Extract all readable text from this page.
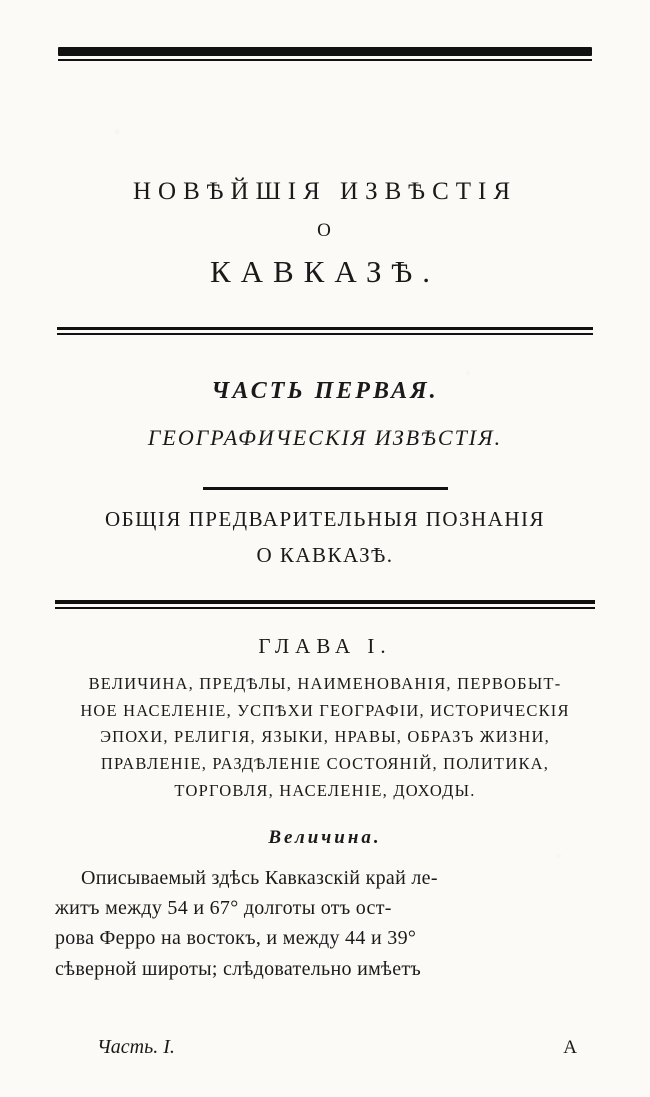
НОВѢЙШІЯ ИЗВѢСТІЯ
О
КАВКАЗѢ.
ЧАСТЬ ПЕРВАЯ.
ГЕОГРАФИЧЕСКІЯ ИЗВѢСТІЯ.
ОБЩІЯ ПРЕДВАРИТЕЛЬНЫЯ ПОЗНАНІЯ
О КАВКАЗѢ.
ГЛАВА I.
ВЕЛИЧИНА, ПРЕДѢЛЫ, НАИМЕНОВАНІЯ, ПЕРВОБЫТ-
НОЕ НАСЕЛЕНІЕ, УСПѢХИ ГЕОГРАФІИ, ИСТОРИЧЕСКІЯ
ЭПОХИ, РЕЛИГІЯ, ЯЗЫКИ, НРАВЫ, ОБРАЗЪ ЖИЗНИ,
ПРАВЛЕНІЕ, РАЗДѢЛЕНІЕ СОСТОЯНІЙ, ПОЛИТИКА,
ТОРГОВЛЯ, НАСЕЛЕНІЕ, ДОХОДЫ.
Величина.
Описываемый здѣсь Кавказскій край ле-
житъ между 54 и 67° долготы отъ ост-
рова Ферро на востокъ, и между 44 и 39°
сѣверной широты; слѣдовательно имѣетъ
Часть. I.	А
